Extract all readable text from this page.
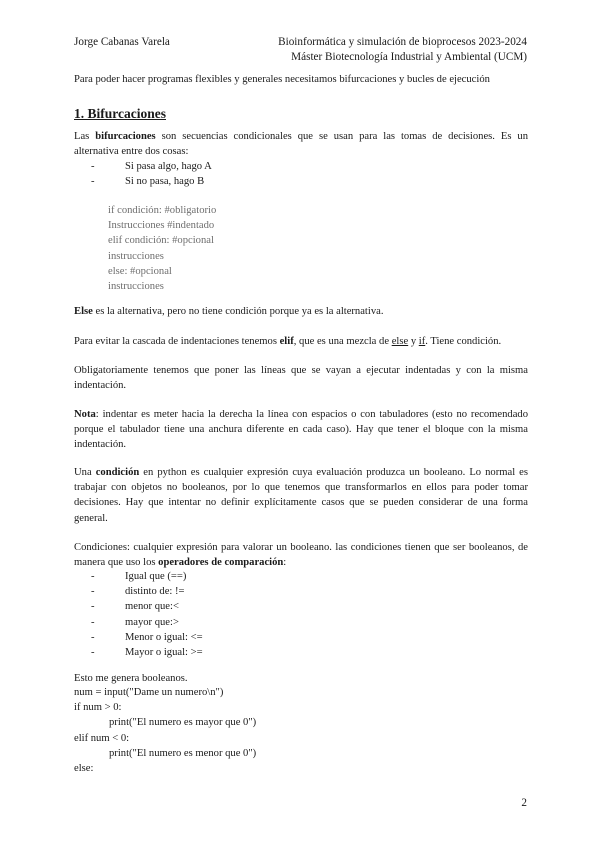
Jorge Cabanas Varela	Bioinformática y simulación de bioprocesos 2023-2024
Máster Biotecnología Industrial y Ambiental (UCM)
Para poder hacer programas flexibles y generales necesitamos bifurcaciones y bucles de ejecución
1. Bifurcaciones
Las bifurcaciones son secuencias condicionales que se usan para las tomas de decisiones. Es un alternativa entre dos cosas:
-	Si pasa algo, hago A
-	Si no pasa, hago B
if condición: #obligatorio
Instrucciones #indentado
elif condición: #opcional
instrucciones
else: #opcional
instrucciones
Else es la alternativa, pero no tiene condición porque ya es la alternativa.
Para evitar la cascada de indentaciones tenemos elif, que es una mezcla de else y if. Tiene condición.
Obligatoriamente tenemos que poner las líneas que se vayan a ejecutar indentadas y con la misma indentación.
Nota: indentar es meter hacia la derecha la línea con espacios o con tabuladores (esto no recomendado porque el tabulador tiene una anchura diferente en cada caso). Hay que tener el bloque con la misma indentación.
Una condición en python es cualquier expresión cuya evaluación produzca un booleano. Lo normal es trabajar con objetos no booleanos, por lo que tenemos que transformarlos en ellos para poder tomar decisiones. Hay que intentar no definir explícitamente casos que se pueden considerar de una forma general.
Condiciones: cualquier expresión para valorar un booleano. las condiciones tienen que ser booleanos, de manera que uso los operadores de comparación:
-	Igual que (==)
-	distinto de: !=
-	menor que:<
-	mayor que:>
-	Menor o igual: <=
-	Mayor o igual: >=
Esto me genera booleanos.
num = input("Dame un numero\n")
if num > 0:
print("El numero es mayor que 0")
elif num < 0:
print("El numero es menor que 0")
else:
2
